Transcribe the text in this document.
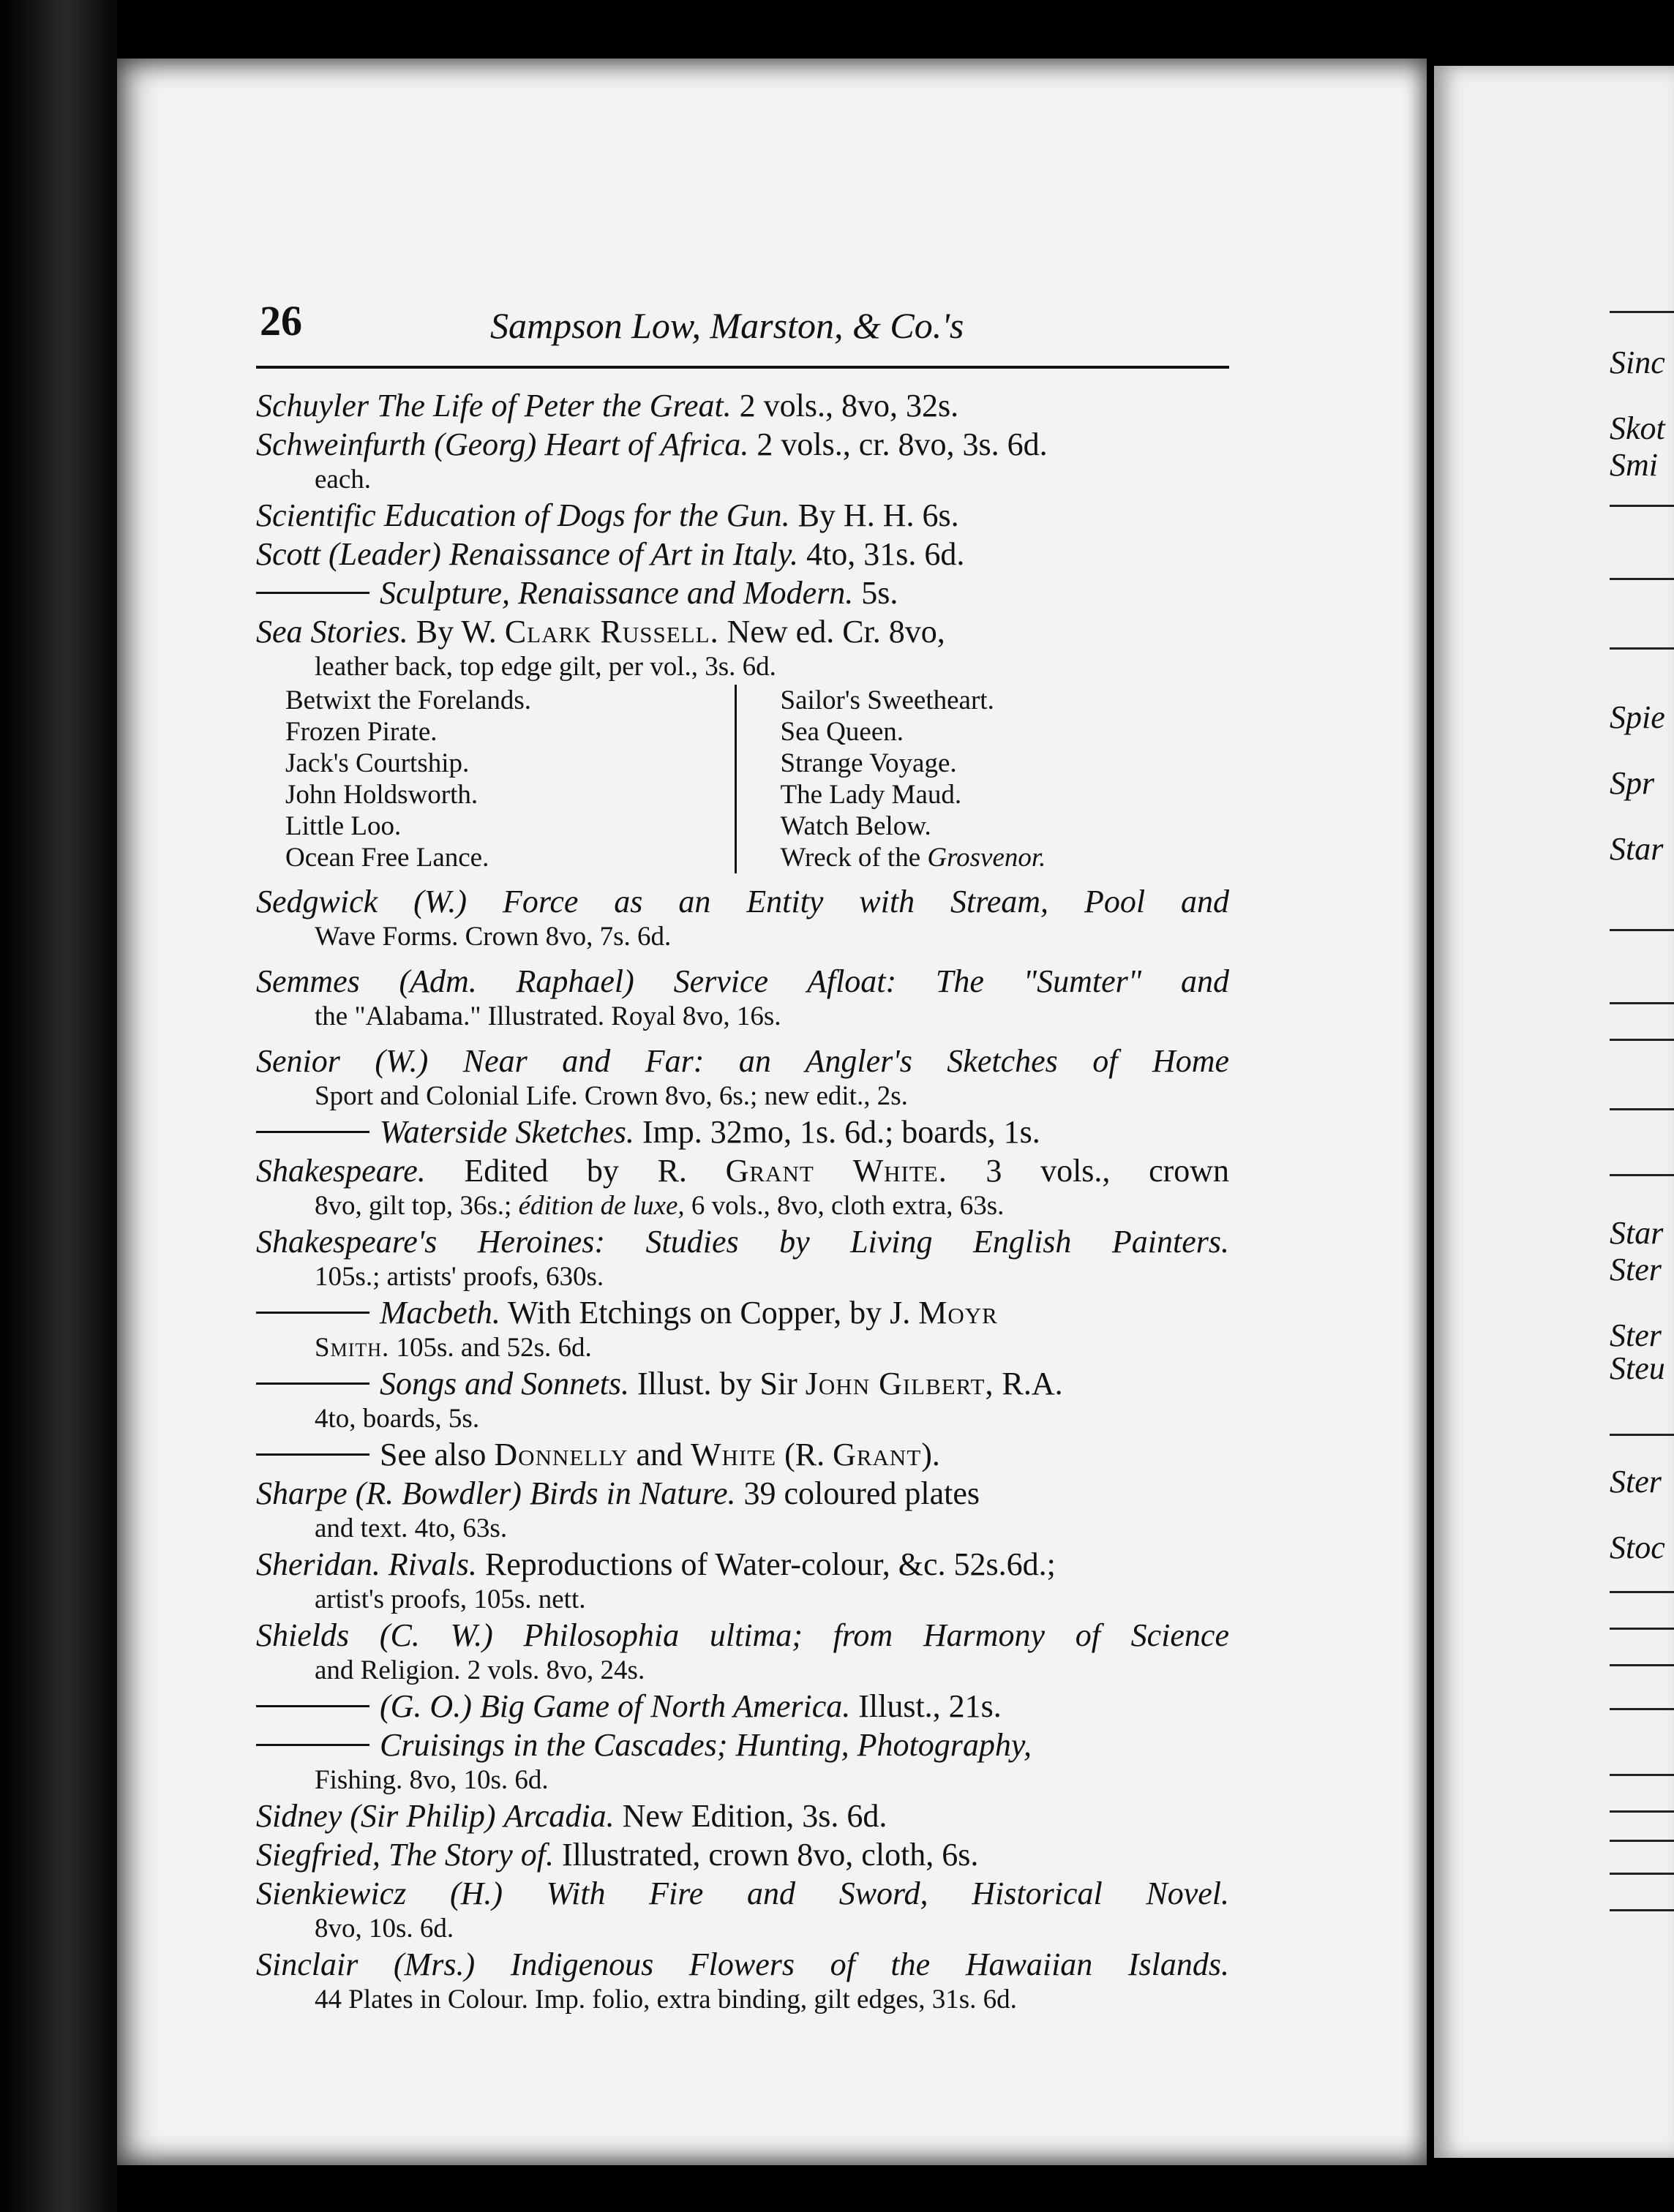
26	Sampson Low, Marston, & Co.'s
Schuyler The Life of Peter the Great. 2 vols., 8vo, 32s.
Schweinfurth (Georg) Heart of Africa. 2 vols., cr. 8vo, 3s. 6d.
each.
Scientific Education of Dogs for the Gun. By H. H. 6s.
Scott (Leader) Renaissance of Art in Italy. 4to, 31s. 6d.
Sculpture, Renaissance and Modern. 5s.
Sea Stories. By W. Clark Russell. New ed. Cr. 8vo,
leather back, top edge gilt, per vol., 3s. 6d.
Betwixt the Forelands.
Frozen Pirate.
Jack's Courtship.
John Holdsworth.
Little Loo.
Ocean Free Lance.
Sailor's Sweetheart.
Sea Queen.
Strange Voyage.
The Lady Maud.
Watch Below.
Wreck of the Grosvenor.
Sedgwick (W.) Force as an Entity with Stream, Pool and
Wave Forms. Crown 8vo, 7s. 6d.
Semmes (Adm. Raphael) Service Afloat: The "Sumter" and
the "Alabama." Illustrated. Royal 8vo, 16s.
Senior (W.) Near and Far: an Angler's Sketches of Home
Sport and Colonial Life. Crown 8vo, 6s.; new edit., 2s.
Waterside Sketches. Imp. 32mo, 1s. 6d.; boards, 1s.
Shakespeare. Edited by R. Grant White. 3 vols., crown
8vo, gilt top, 36s.; édition de luxe, 6 vols., 8vo, cloth extra, 63s.
Shakespeare's Heroines: Studies by Living English Painters.
105s.; artists' proofs, 630s.
Macbeth. With Etchings on Copper, by J. Moyr
Smith. 105s. and 52s. 6d.
Songs and Sonnets. Illust. by Sir John Gilbert, R.A.
4to, boards, 5s.
See also Donnelly and White (R. Grant).
Sharpe (R. Bowdler) Birds in Nature. 39 coloured plates
and text. 4to, 63s.
Sheridan. Rivals. Reproductions of Water-colour, &c. 52s.6d.;
artist's proofs, 105s. nett.
Shields (C. W.) Philosophia ultima; from Harmony of Science
and Religion. 2 vols. 8vo, 24s.
(G. O.) Big Game of North America. Illust., 21s.
Cruisings in the Cascades; Hunting, Photography,
Fishing. 8vo, 10s. 6d.
Sidney (Sir Philip) Arcadia. New Edition, 3s. 6d.
Siegfried, The Story of. Illustrated, crown 8vo, cloth, 6s.
Sienkiewicz (H.) With Fire and Sword, Historical Novel.
8vo, 10s. 6d.
Sinclair (Mrs.) Indigenous Flowers of the Hawaiian Islands.
44 Plates in Colour. Imp. folio, extra binding, gilt edges, 31s. 6d.
Sinc
Skot
Smi
Spie
Spr
Star
Star
Ster
Ster
Steu
Ster
Stoc
